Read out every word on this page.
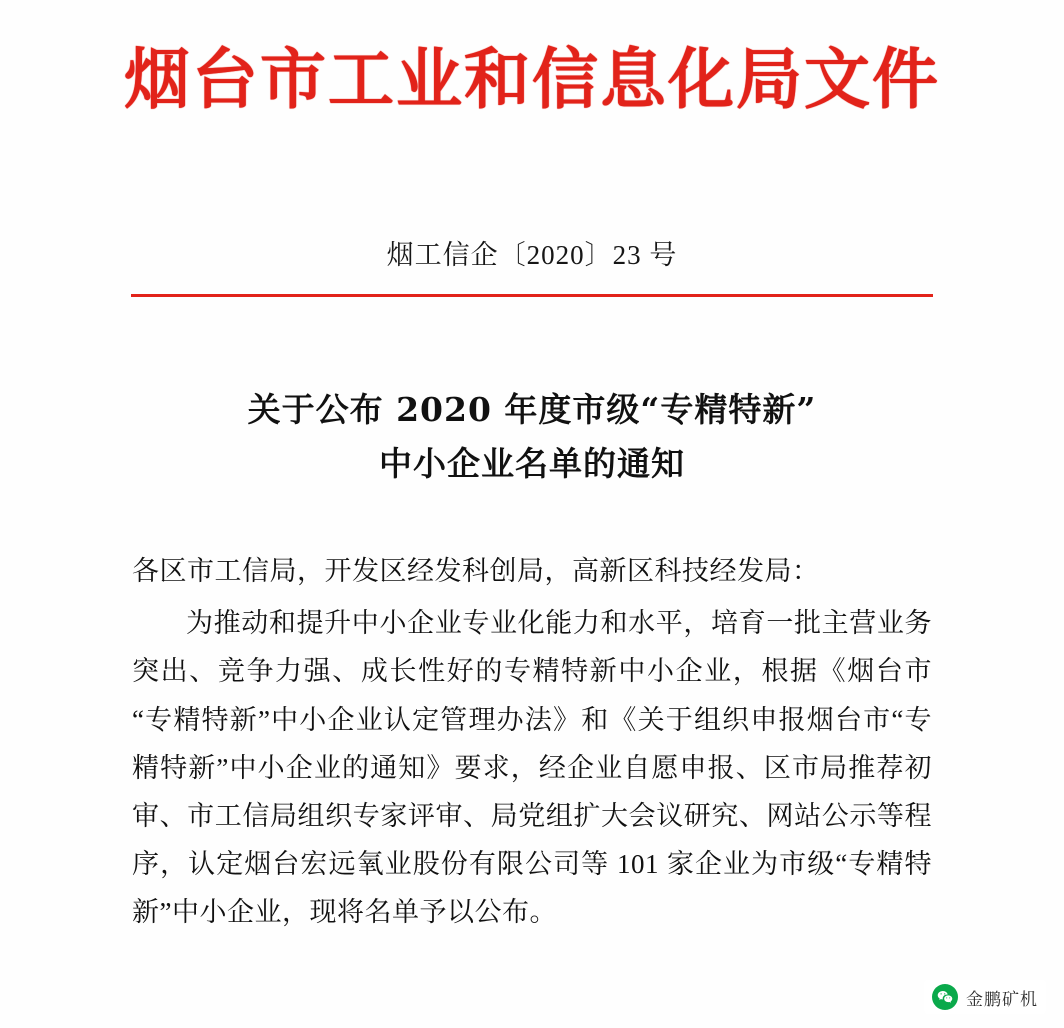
烟台市工业和信息化局文件
烟工信企〔2020〕23 号
关于公布 2020 年度市级“专精特新”
中小企业名单的通知
各区市工信局，开发区经发科创局，高新区科技经发局：
为推动和提升中小企业专业化能力和水平，培育一批主营业务突出、竞争力强、成长性好的专精特新中小企业，根据《烟台市“专精特新”中小企业认定管理办法》和《关于组织申报烟台市“专精特新”中小企业的通知》要求，经企业自愿申报、区市局推荐初审、市工信局组织专家评审、局党组扩大会议研究、网站公示等程序，认定烟台宏远氧业股份有限公司等 101 家企业为市级“专精特新”中小企业，现将名单予以公布。
金鹏矿机
